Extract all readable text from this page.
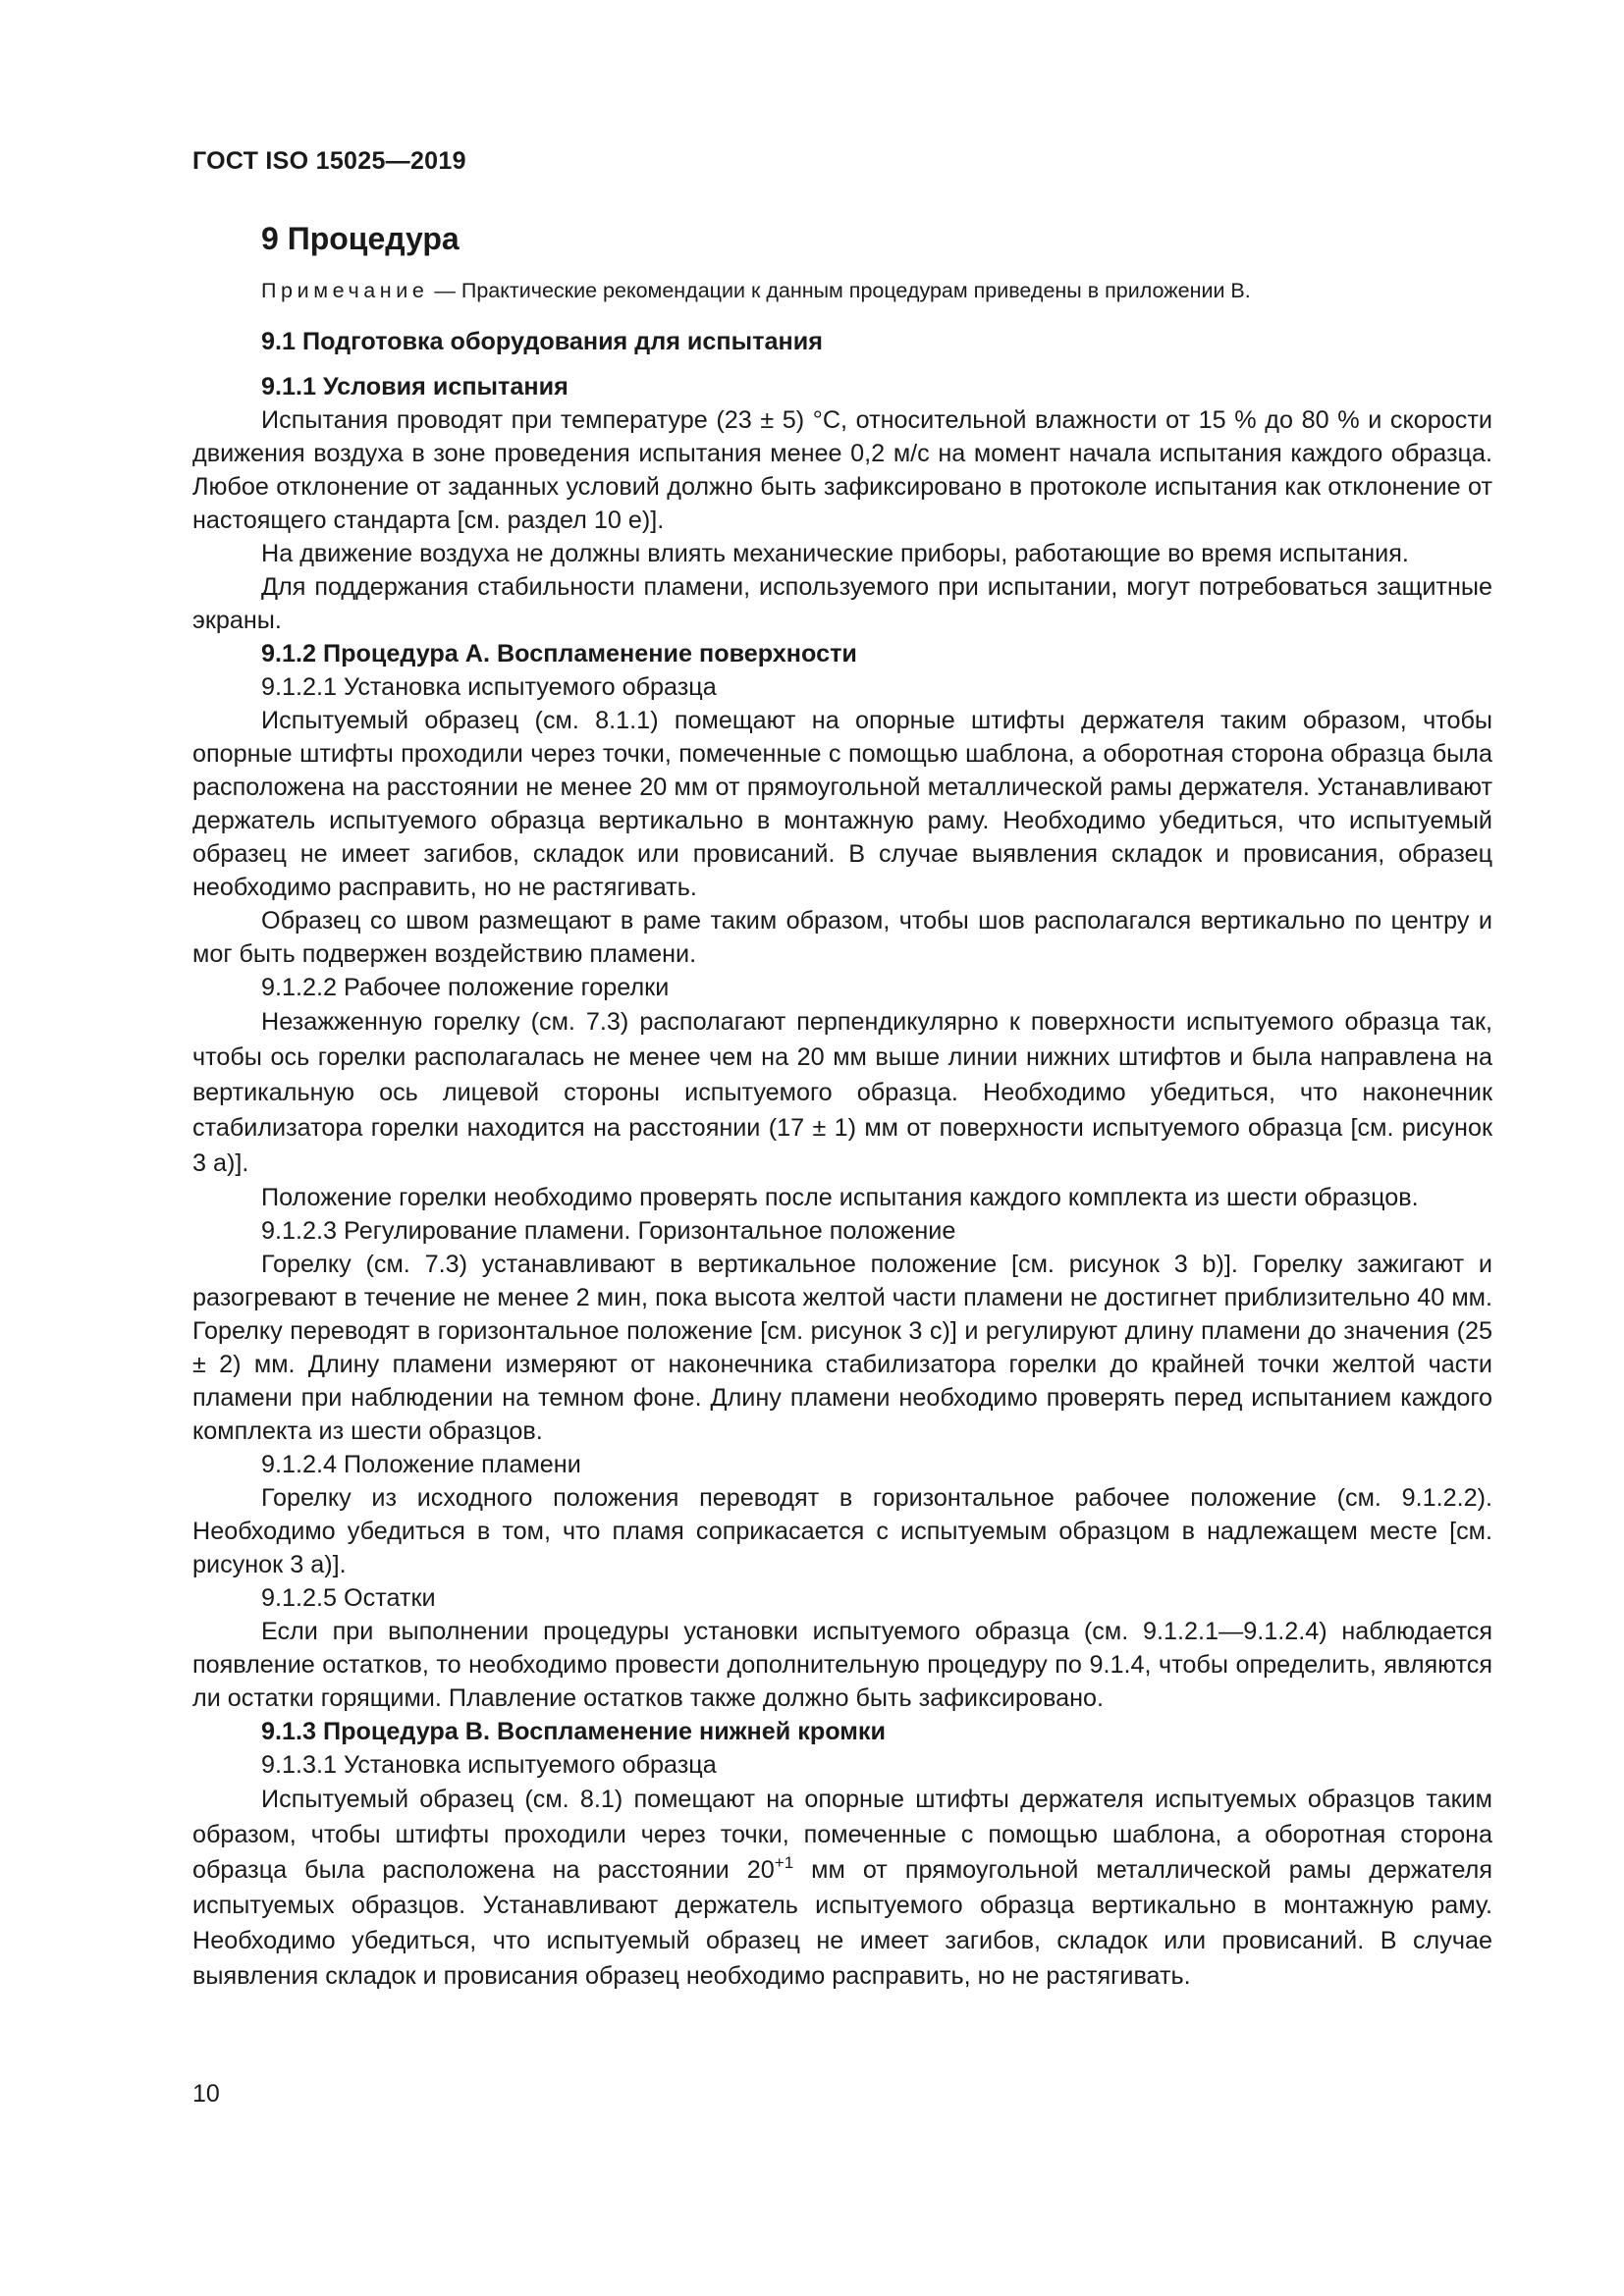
ГОСТ ISO 15025—2019
9 Процедура
Примечание — Практические рекомендации к данным процедурам приведены в приложении В.
9.1 Подготовка оборудования для испытания
9.1.1 Условия испытания

Испытания проводят при температуре (23 ± 5) °С, относительной влажности от 15 % до 80 % и скорости движения воздуха в зоне проведения испытания менее 0,2 м/с на момент начала испытания каждого образца. Любое отклонение от заданных условий должно быть зафиксировано в протоколе испытания как отклонение от настоящего стандарта [см. раздел 10 е)].

На движение воздуха не должны влиять механические приборы, работающие во время испытания.

Для поддержания стабильности пламени, используемого при испытании, могут потребоваться защитные экраны.

9.1.2 Процедура А. Воспламенение поверхности
9.1.2.1 Установка испытуемого образца

Испытуемый образец (см. 8.1.1) помещают на опорные штифты держателя таким образом, чтобы опорные штифты проходили через точки, помеченные с помощью шаблона, а оборотная сторона образца была расположена на расстоянии не менее 20 мм от прямоугольной металлической рамы держателя. Устанавливают держатель испытуемого образца вертикально в монтажную раму. Необходимо убедиться, что испытуемый образец не имеет загибов, складок или провисаний. В случае выявления складок и провисания, образец необходимо расправить, но не растягивать.

Образец со швом размещают в раме таким образом, чтобы шов располагался вертикально по центру и мог быть подвержен воздействию пламени.

9.1.2.2 Рабочее положение горелки

Незажженную горелку (см. 7.3) располагают перпендикулярно к поверхности испытуемого образца так, чтобы ось горелки располагалась не менее чем на 20 мм выше линии нижних штифтов и была направлена на вертикальную ось лицевой стороны испытуемого образца. Необходимо убедиться, что наконечник стабилизатора горелки находится на расстоянии (17 ± 1) мм от поверхности испытуемого образца [см. рисунок 3 а)].

Положение горелки необходимо проверять после испытания каждого комплекта из шести образцов.

9.1.2.3 Регулирование пламени. Горизонтальное положение

Горелку (см. 7.3) устанавливают в вертикальное положение [см. рисунок 3 b)]. Горелку зажигают и разогревают в течение не менее 2 мин, пока высота желтой части пламени не достигнет приблизительно 40 мм. Горелку переводят в горизонтальное положение [см. рисунок 3 с)] и регулируют длину пламени до значения (25 ± 2) мм. Длину пламени измеряют от наконечника стабилизатора горелки до крайней точки желтой части пламени при наблюдении на темном фоне. Длину пламени необходимо проверять перед испытанием каждого комплекта из шести образцов.

9.1.2.4 Положение пламени

Горелку из исходного положения переводят в горизонтальное рабочее положение (см. 9.1.2.2). Необходимо убедиться в том, что пламя соприкасается с испытуемым образцом в надлежащем месте [см. рисунок 3 а)].

9.1.2.5 Остатки

Если при выполнении процедуры установки испытуемого образца (см. 9.1.2.1—9.1.2.4) наблюдается появление остатков, то необходимо провести дополнительную процедуру по 9.1.4, чтобы определить, являются ли остатки горящими. Плавление остатков также должно быть зафиксировано.

9.1.3 Процедура В. Воспламенение нижней кромки
9.1.3.1 Установка испытуемого образца

Испытуемый образец (см. 8.1) помещают на опорные штифты держателя испытуемых образцов таким образом, чтобы штифты проходили через точки, помеченные с помощью шаблона, а оборотная сторона образца была расположена на расстоянии $20^{+1}$ мм от прямоугольной металлической рамы держателя испытуемых образцов. Устанавливают держатель испытуемого образца вертикально в монтажную раму. Необходимо убедиться, что испытуемый образец не имеет загибов, складок или провисаний. В случае выявления складок и провисания образец необходимо расправить, но не растягивать.

10
